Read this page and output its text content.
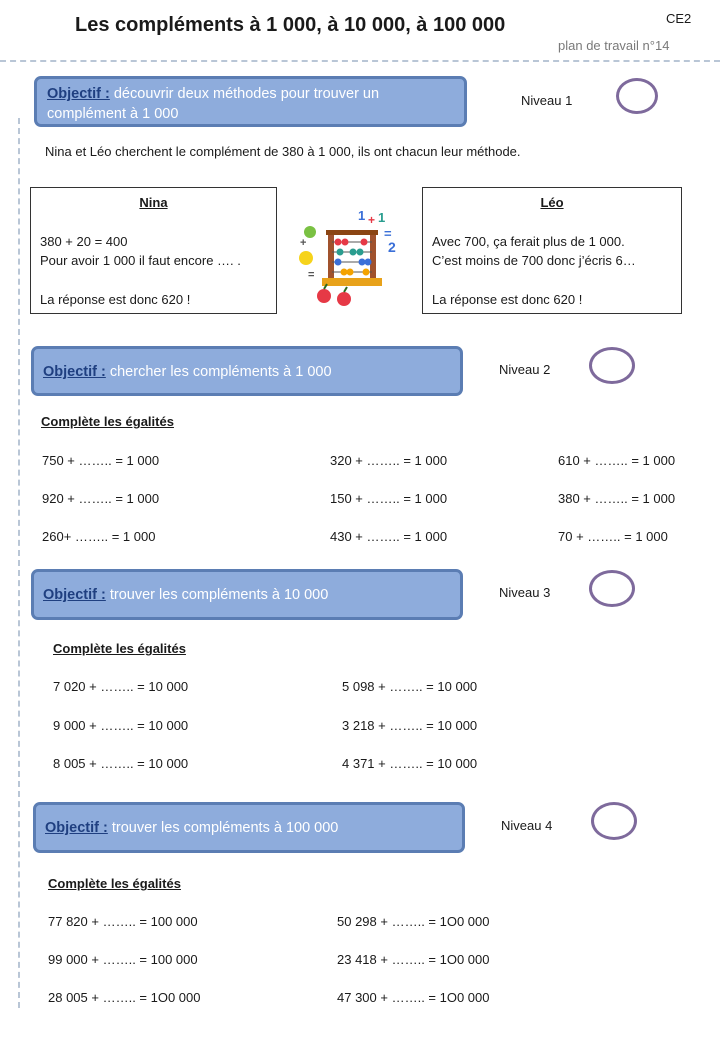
Les compléments à 1 000, à 10 000, à 100 000	CE2
plan de travail n°14
Objectif : découvrir deux méthodes pour trouver un complément à 1 000
Niveau 1
Nina et Léo cherchent le complément de 380 à 1 000, ils ont chacun leur méthode.
Nina
380 + 20 = 400
Pour avoir 1 000 il faut encore …. .
La réponse est donc 620 !
1 + 1
=
2
+
=
Léo
Avec 700, ça ferait plus de 1 000.
C’est moins de 700 donc j’écris 6…
La réponse est donc 620 !
Objectif : chercher les compléments à 1 000	Niveau 2
Complète les égalités
750 + …….. = 1 000	320 + …….. = 1 000	610 + …….. = 1 000
920 + …….. = 1 000	150 + …….. = 1 000	380 + …….. = 1 000
260+ …….. = 1 000	430 + …….. = 1 000	70 + …….. = 1 000
Objectif : trouver les compléments à 10 000	Niveau 3
Complète les égalités
7 020 + …….. = 10 000	5 098 + …….. = 10 000
9 000 + …….. = 10 000	3 218 + …….. = 10 000
8 005 + …….. = 10 000	4 371 + …….. = 10 000
Objectif : trouver les compléments à 100 000	Niveau 4
Complète les égalités
77 820 + …….. = 100 000	50 298 + …….. = 1O0 000
99 000 + …….. = 100 000	23 418 + …….. = 1O0 000
28 005 + …….. = 1O0 000	47 300 + …….. = 1O0 000
